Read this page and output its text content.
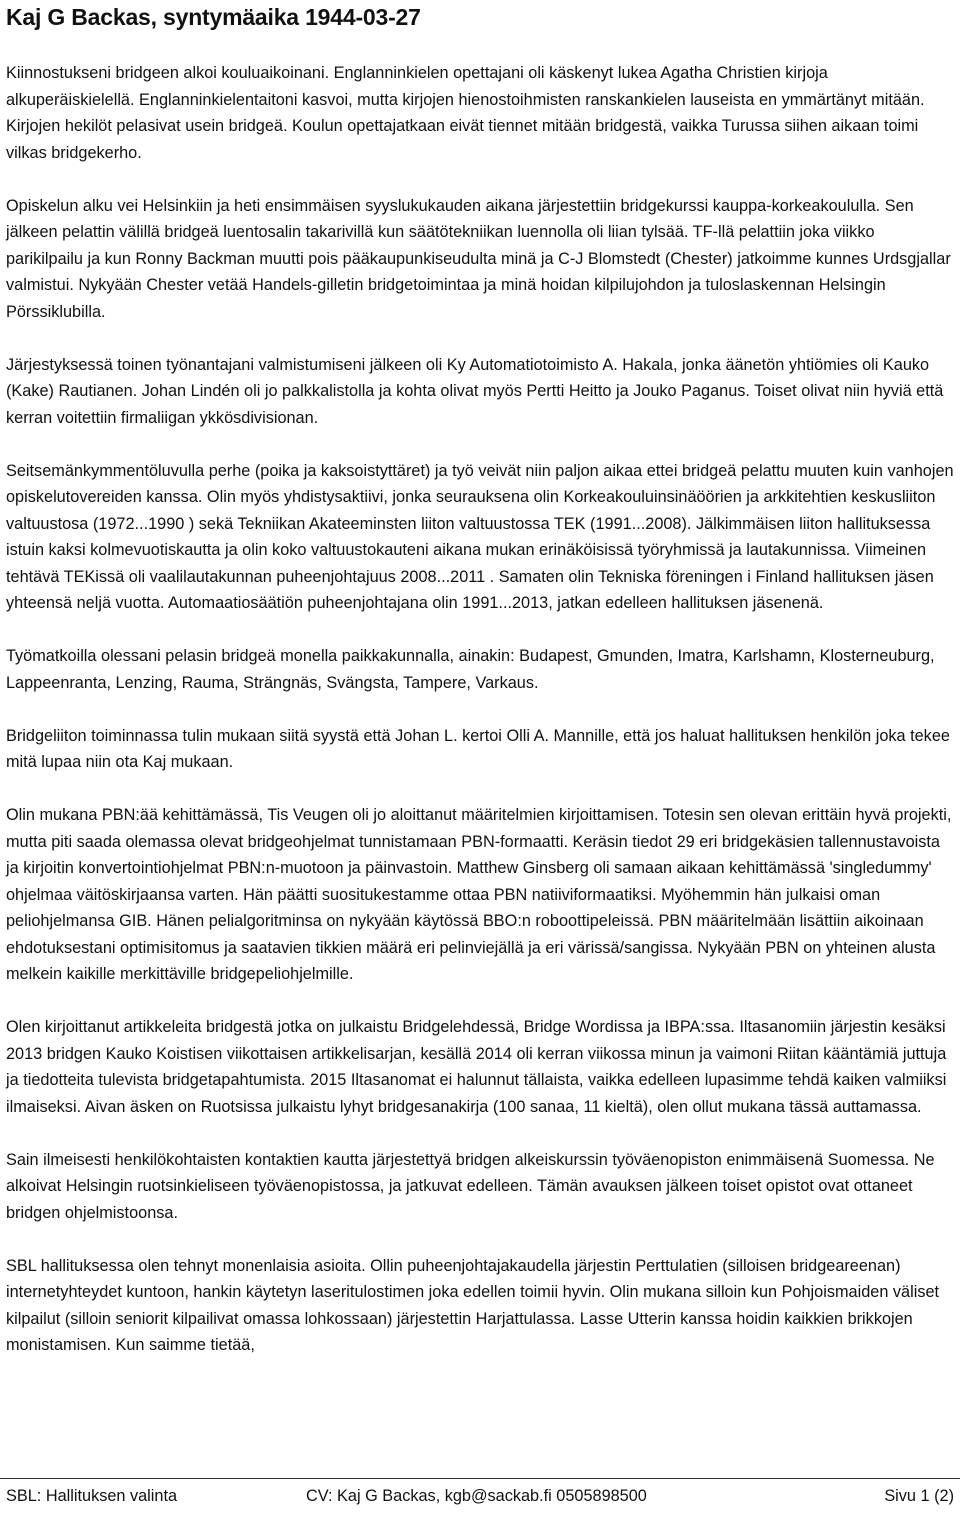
Kaj G Backas, syntymäaika 1944-03-27

Kiinnostukseni bridgeen alkoi kouluaikoinani. Englanninkielen opettajani oli käskenyt lukea Agatha Christien kirjoja alkuperäiskielellä. Englanninkielentaitoni kasvoi, mutta kirjojen hienostoihmisten ranskankielen lauseista en ymmärtänyt mitään. Kirjojen hekilöt pelasivat usein bridgeä. Koulun opettajatkaan eivät tiennet mitään bridgestä, vaikka Turussa siihen aikaan toimi vilkas bridgekerho.

Opiskelun alku vei Helsinkiin ja heti ensimmäisen syyslukukauden aikana järjestettiin bridgekurssi kauppa-korkeakoululla. Sen jälkeen pelattin välillä bridgeä luentosalin takarivillä kun säätötekniikan luennolla oli liian tylsää. TF-llä pelattiin joka viikko parikilpailu ja kun Ronny Backman muutti pois pääkaupunkiseudulta minä ja C-J Blomstedt (Chester) jatkoimme kunnes Urdsgjallar valmistui. Nykyään Chester vetää Handels-gilletin bridgetoimintaa ja minä hoidan kilpilujohdon ja tuloslaskennan Helsingin Pörssiklubilla.

Järjestyksessä toinen työnantajani valmistumiseni jälkeen oli Ky Automatiotoimisto A. Hakala, jonka äänetön yhtiömies oli Kauko (Kake) Rautianen. Johan Lindén oli jo palkkalistolla ja kohta olivat myös Pertti Heitto ja Jouko Paganus. Toiset olivat niin hyviä että kerran voitettiin firmaliigan ykkösdivisionan.

Seitsemänkymmentöluvulla perhe (poika ja kaksoistyttäret) ja työ veivät niin paljon aikaa ettei bridgeä pelattu muuten kuin vanhojen opiskelutovereiden kanssa. Olin myös yhdistysaktiivi, jonka seurauksena olin Korkeakouluinsinäöörien ja arkkitehtien keskusliiton valtuustosa (1972...1990 ) sekä Tekniikan Akateeminsten liiton valtuustossa TEK (1991...2008). Jälkimmäisen liiton hallituksessa istuin kaksi kolmevuotiskautta ja olin koko valtuustokauteni aikana mukan erinäköisissä työryhmissä ja lautakunnissa. Viimeinen tehtävä TEKissä oli vaalilautakunnan puheenjohtajuus 2008...2011 . Samaten olin Tekniska föreningen i Finland hallituksen jäsen yhteensä neljä vuotta. Automaatiosäätiön puheenjohtajana olin 1991...2013, jatkan edelleen hallituksen jäsenenä.

Työmatkoilla olessani pelasin bridgeä monella paikkakunnalla, ainakin: Budapest, Gmunden, Imatra, Karlshamn, Klosterneuburg, Lappeenranta, Lenzing, Rauma, Strängnäs, Svängsta, Tampere, Varkaus.

Bridgeliiton toiminnassa tulin mukaan siitä syystä että Johan L. kertoi Olli A. Mannille, että jos haluat hallituksen henkilön joka tekee mitä lupaa niin ota Kaj mukaan.

Olin mukana PBN:ää kehittämässä, Tis Veugen oli jo aloittanut määritelmien kirjoittamisen. Totesin sen olevan erittäin hyvä projekti, mutta piti saada olemassa olevat bridgeohjelmat tunnistamaan PBN-formaatti. Keräsin tiedot 29 eri bridgekäsien tallennustavoista ja kirjoitin konvertointiohjelmat PBN:n-muotoon ja päinvastoin. Matthew Ginsberg oli samaan aikaan kehittämässä 'singledummy' ohjelmaa väitöskirjaansa varten. Hän päätti suositukestamme ottaa PBN natiiviformaatiksi. Myöhemmin hän julkaisi oman peliohjelmansa GIB. Hänen pelialgoritminsa on nykyään käytössä BBO:n roboottipeleissä. PBN määritelmään lisättiin aikoinaan ehdotuksestani optimisitomus ja saatavien tikkien määrä eri pelinviejällä ja eri värissä/sangissa. Nykyään PBN on yhteinen alusta melkein kaikille merkittäville bridgepeliohjelmille.

Olen kirjoittanut artikkeleita bridgestä jotka on julkaistu Bridgelehdessä, Bridge Wordissa ja IBPA:ssa. Iltasanomiin järjestin kesäksi 2013 bridgen Kauko Koistisen viikottaisen artikkelisarjan, kesällä 2014 oli kerran viikossa minun ja vaimoni Riitan kääntämiä juttuja ja tiedotteita tulevista bridgetapahtumista. 2015 Iltasanomat ei halunnut tällaista, vaikka edelleen lupasimme tehdä kaiken valmiiksi ilmaiseksi. Aivan äsken on Ruotsissa julkaistu lyhyt bridgesanakirja (100 sanaa, 11 kieltä), olen ollut mukana tässä auttamassa.

Sain ilmeisesti henkilökohtaisten kontaktien kautta järjestettyä bridgen alkeiskurssin työväenopiston enimmäisenä Suomessa. Ne alkoivat Helsingin ruotsinkieliseen työväenopistossa, ja jatkuvat edelleen. Tämän avauksen jälkeen toiset opistot ovat ottaneet bridgen ohjelmistoonsa.

SBL hallituksessa olen tehnyt monenlaisia asioita. Ollin puheenjohtajakaudella järjestin Perttulatien (silloisen bridgeareenan) internetyhteydet kuntoon, hankin käytetyn laseritulostimen joka edellen toimii hyvin. Olin mukana silloin kun Pohjoismaiden väliset kilpailut (silloin seniorit kilpailivat omassa lohkossaan) järjestettin Harjattulassa. Lasse Utterin kanssa hoidin kaikkien brikkojen monistamisen. Kun saimme tietää,

SBL: Hallituksen valinta	CV: Kaj G Backas, kgb@sackab.fi 0505898500	Sivu 1 (2)
